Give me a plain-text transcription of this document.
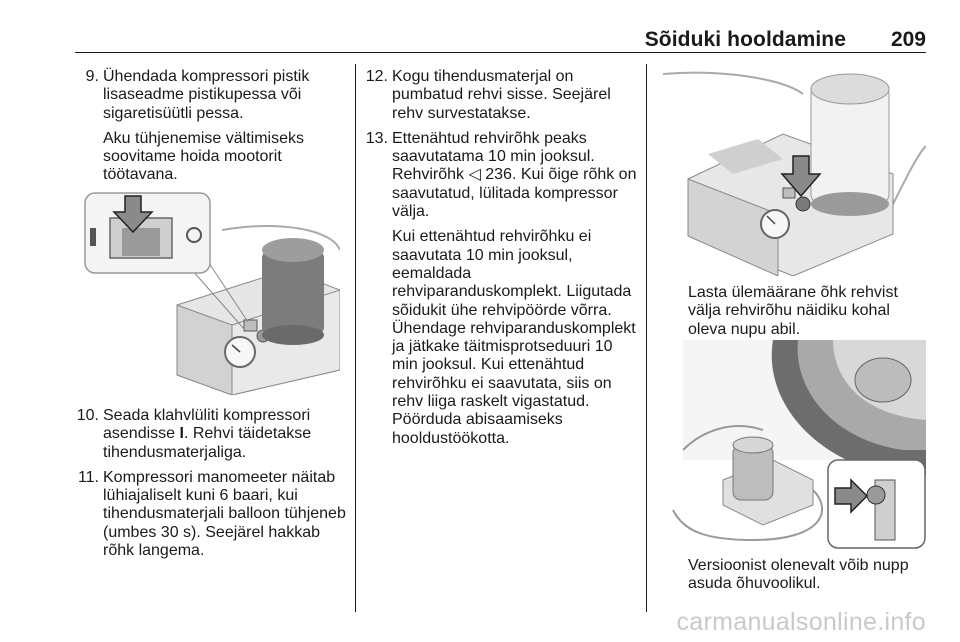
Sõiduki hooldamine 209
9. Ühendada kompressori pistik lisaseadme pistikupessa või sigaretisüütli pessa.

Aku tühjenemise vältimiseks soovitame hoida mootorit töötavana.

10. Seada klahvlüliti kompressori asendisse I. Rehvi täidetakse tihendusmaterjaliga.

11. Kompressori manomeeter näitab lühiajaliselt kuni 6 baari, kui tihendusmaterjali balloon tühjeneb (umbes 30 s). Seejärel hakkab rõhk langema.

12. Kogu tihendusmaterjal on pumbatud rehvi sisse. Seejärel rehv survestatakse.

13. Ettenähtud rehvirõhk peaks saavutatama 10 min jooksul. Rehvirõhk ◁ 236. Kui õige rõhk on saavutatud, lülitada kompressor välja.

Kui ettenähtud rehvirõhku ei saavutata 10 min jooksul, eemaldada rehviparanduskomplekt. Liigutada sõidukit ühe rehvipöörde võrra. Ühendage rehviparanduskomplekt ja jätkake täitmisprotseduuri 10 min jooksul. Kui ettenähtud rehvirõhku ei saavutata, siis on rehv liiga raskelt vigastatud. Pöörduda abisaamiseks hooldustöökotta.

Lasta ülemäärane õhk rehvist välja rehvirõhu näidiku kohal oleva nupu abil.
Versioonist olenevalt võib nupp asuda õhuvoolikul.
carmanualsonline.info
